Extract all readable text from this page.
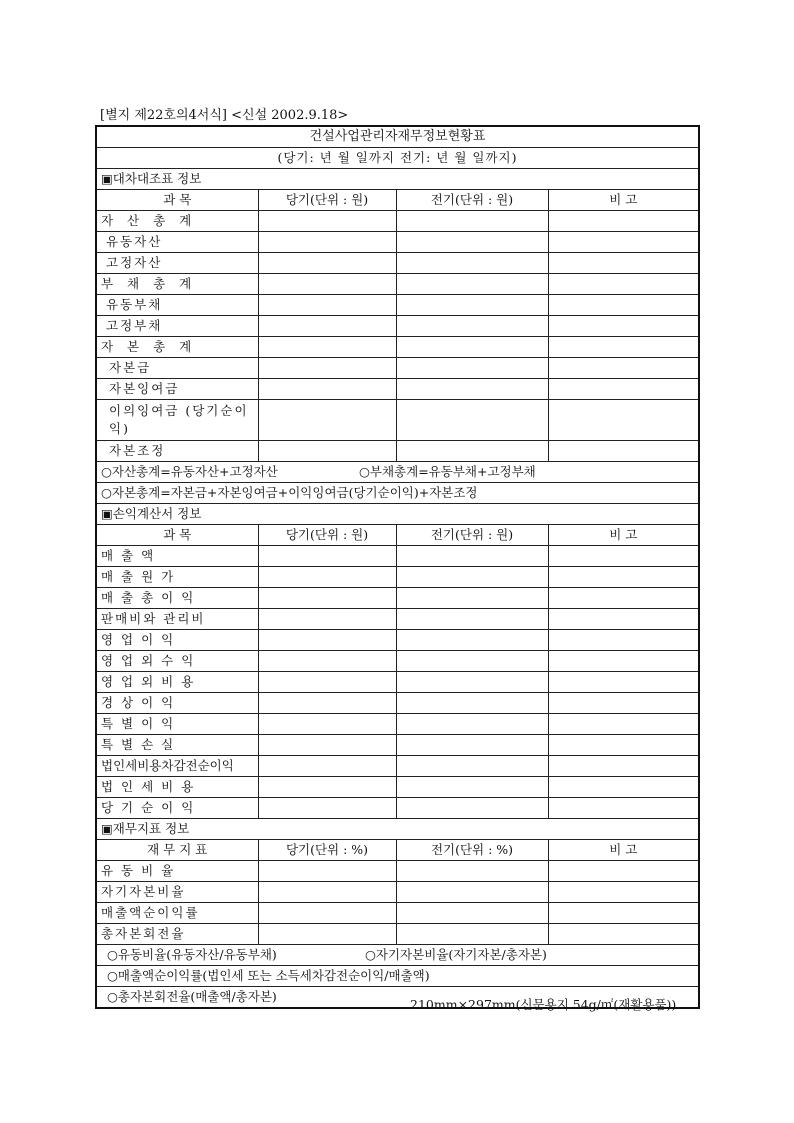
[별지 제22호의4서식] <신설 2002.9.18>
건설사업관리자재무정보현황표			
(당기: 년 월 일까지 전기: 년 월 일까지)			
▣대차대조표 정보			
과 목	당기(단위 : 원)	전기(단위 : 원)	비 고
자 산 총 계			
유동자산			
고정자산			
부 채 총 계			
유동부채			
고정부채			
자 본 총 계			
자본금			
자본잉여금			
이의잉여금 (당기순이익)			
자본조정			
○자산총계=유동자산+고정자산 ○부채총계=유동부채+고정부채			
○자본총계=자본금+자본잉여금+이익잉여금(당기순이익)+자본조정			
▣손익계산서 정보			
과 목	당기(단위 : 원)	전기(단위 : 원)	비 고
매 출 액			
매 출 원 가			
매 출 총 이 익			
판매비와 관리비			
영 업 이 익			
영 업 외 수 익			
영 업 외 비 용			
경 상 이 익			
특 별 이 익			
특 별 손 실			
법인세비용차감전순이익			
법 인 세 비 용			
당 기 순 이 익			
▣재무지표 정보			
재 무 지 표	당기(단위 : %)	전기(단위 : %)	비 고
유 동 비 율			
자기자본비율			
매출액순이익률			
총자본회전율			
○유동비율(유동자산/유동부채) ○자기자본비율(자기자본/총자본)			
○매출액순이익률(법인세 또는 소득세차감전순이익/매출액)			
○총자본회전율(매출액/총자본)			
210mm×297mm(신문용지 54g/㎡(재활용품))
